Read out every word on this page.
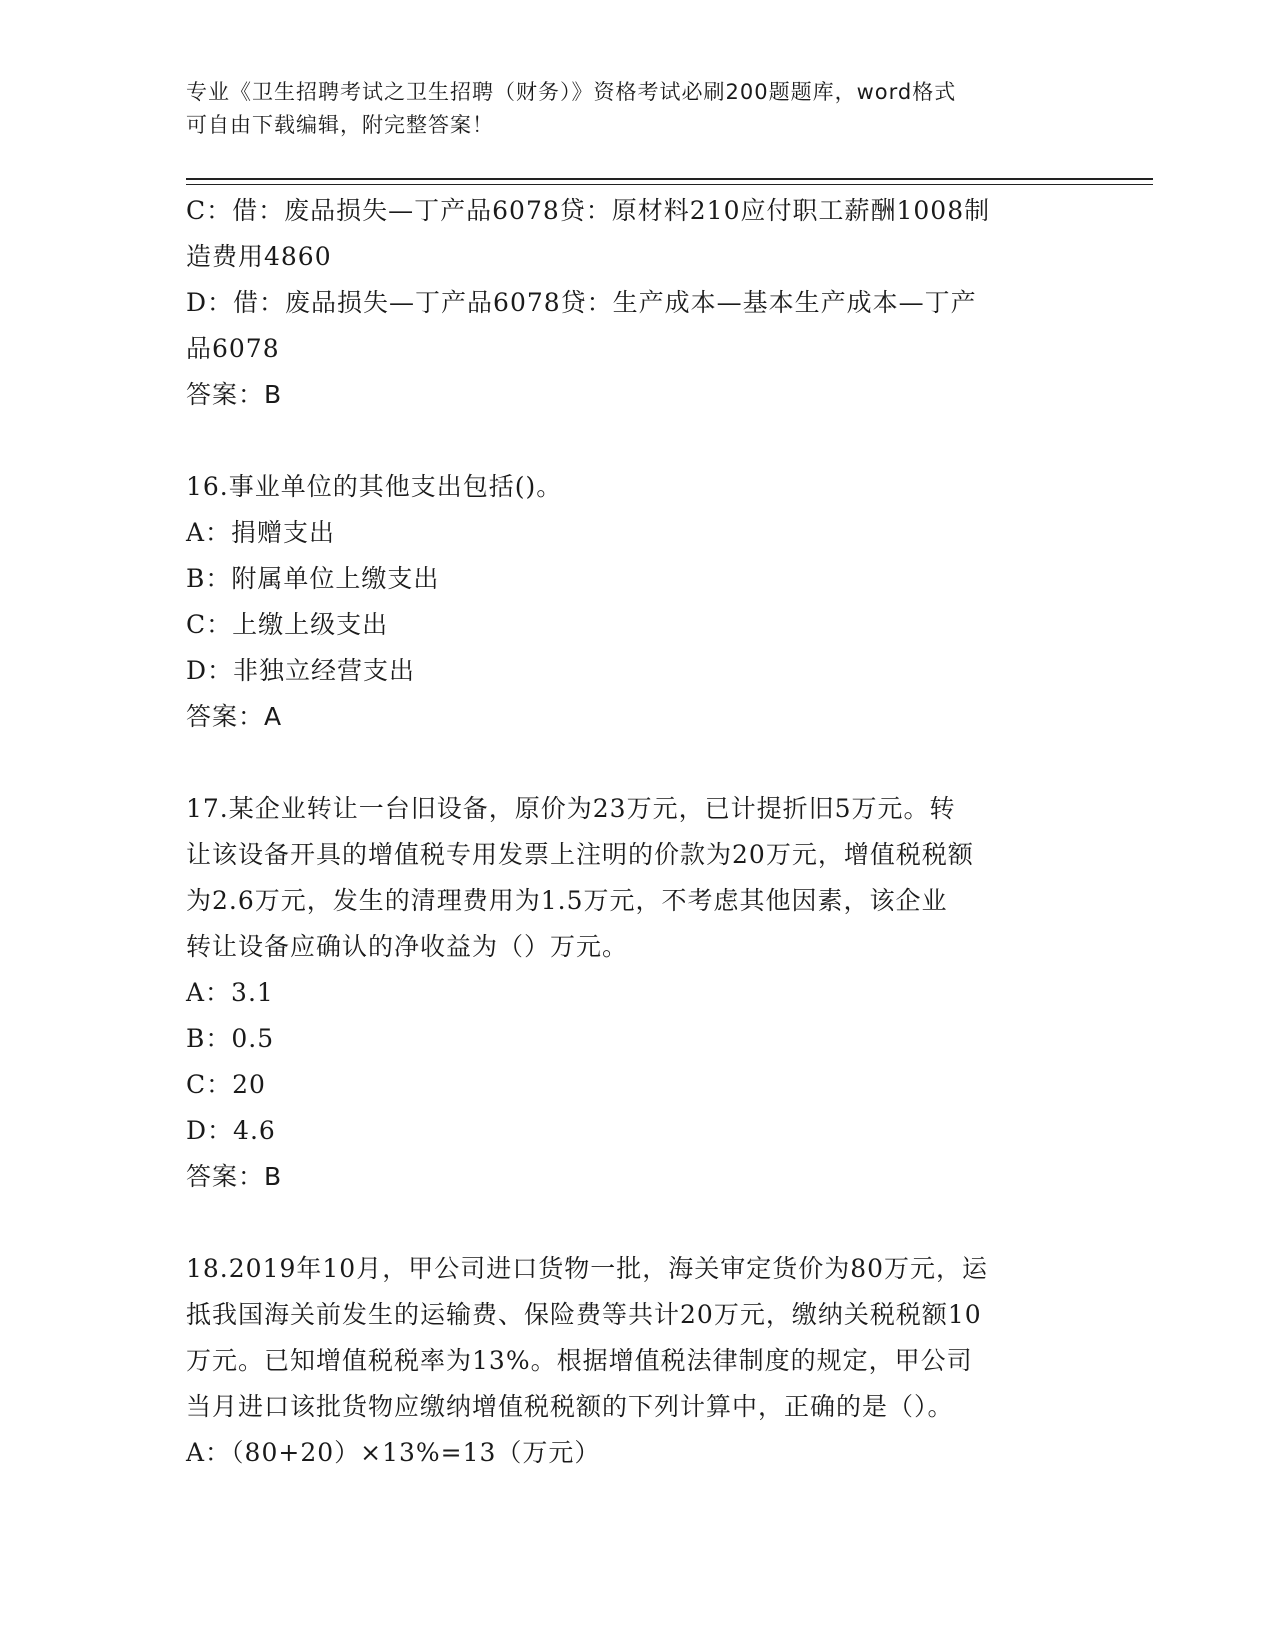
专业《卫生招聘考试之卫生招聘（财务）》资格考试必刷200题题库，word格式
可自由下载编辑，附完整答案！
C：借：废品损失—丁产品6078贷：原材料210应付职工薪酬1008制
造费用4860
D：借：废品损失—丁产品6078贷：生产成本—基本生产成本—丁产
品6078
答案：B
16.事业单位的其他支出包括()。
A：捐赠支出
B：附属单位上缴支出
C：上缴上级支出
D：非独立经营支出
答案：A
17.某企业转让一台旧设备，原价为23万元，已计提折旧5万元。转
让该设备开具的增值税专用发票上注明的价款为20万元，增值税税额
为2.6万元，发生的清理费用为1.5万元，不考虑其他因素，该企业
转让设备应确认的净收益为（）万元。
A：3.1
B：0.5
C：20
D：4.6
答案：B
18.2019年10月，甲公司进口货物一批，海关审定货价为80万元，运
抵我国海关前发生的运输费、保险费等共计20万元，缴纳关税税额10
万元。已知增值税税率为13%。根据增值税法律制度的规定，甲公司
当月进口该批货物应缴纳增值税税额的下列计算中，正确的是（）。
A：（80+20）×13%=13（万元）
